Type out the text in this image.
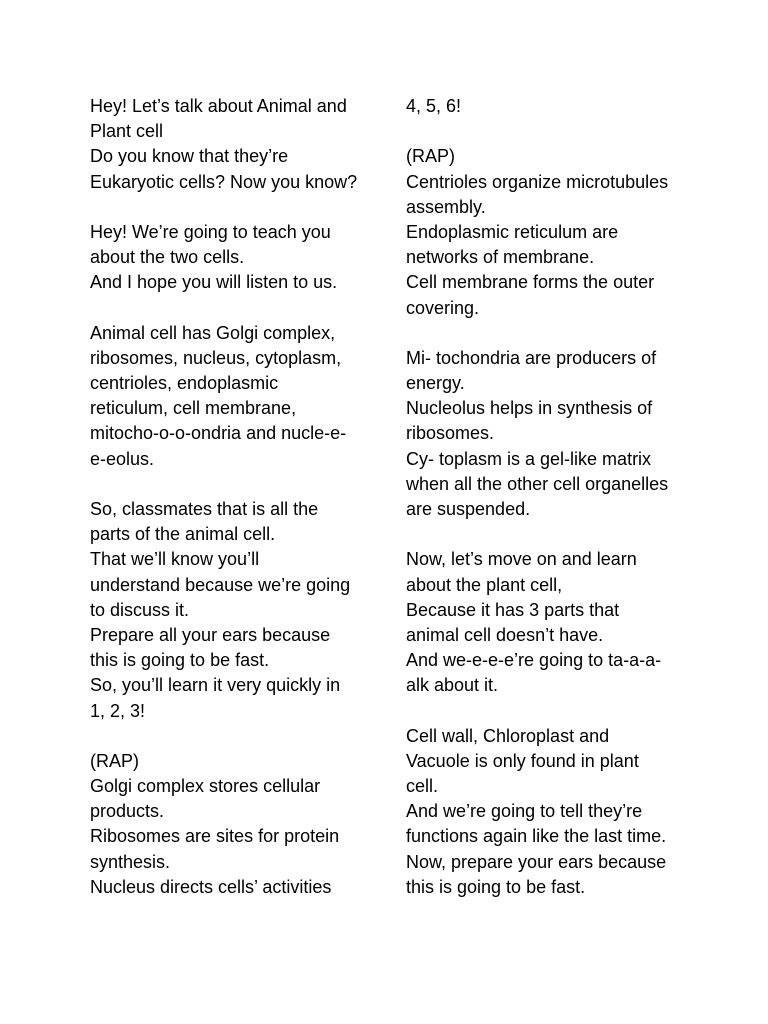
Hey! Let’s talk about Animal and
Plant cell
Do you know that they’re
Eukaryotic cells? Now you know?
Hey! We’re going to teach you
about the two cells.
And I hope you will listen to us.
Animal cell has Golgi complex,
ribosomes, nucleus, cytoplasm,
centrioles, endoplasmic
reticulum, cell membrane,
mitocho-o-o-ondria and nucle-e-
e-eolus.
So, classmates that is all the
parts of the animal cell.
That we’ll know you’ll
understand because we’re going
to discuss it.
Prepare all your ears because
this is going to be fast.
So, you’ll learn it very quickly in
1, 2, 3!
(RAP)
Golgi complex stores cellular
products.
Ribosomes are sites for protein
synthesis.
Nucleus directs cells’ activities
4, 5, 6!
(RAP)
Centrioles organize microtubules
assembly.
Endoplasmic reticulum are
networks of membrane.
Cell membrane forms the outer
covering.
Mi- tochondria are producers of
energy.
Nucleolus helps in synthesis of
ribosomes.
Cy- toplasm is a gel-like matrix
when all the other cell organelles
are suspended.
Now, let’s move on and learn
about the plant cell,
Because it has 3 parts that
animal cell doesn’t have.
And we-e-e-e’re going to ta-a-a-
alk about it.
Cell wall, Chloroplast and
Vacuole is only found in plant
cell.
And we’re going to tell they’re
functions again like the last time.
Now, prepare your ears because
this is going to be fast.
